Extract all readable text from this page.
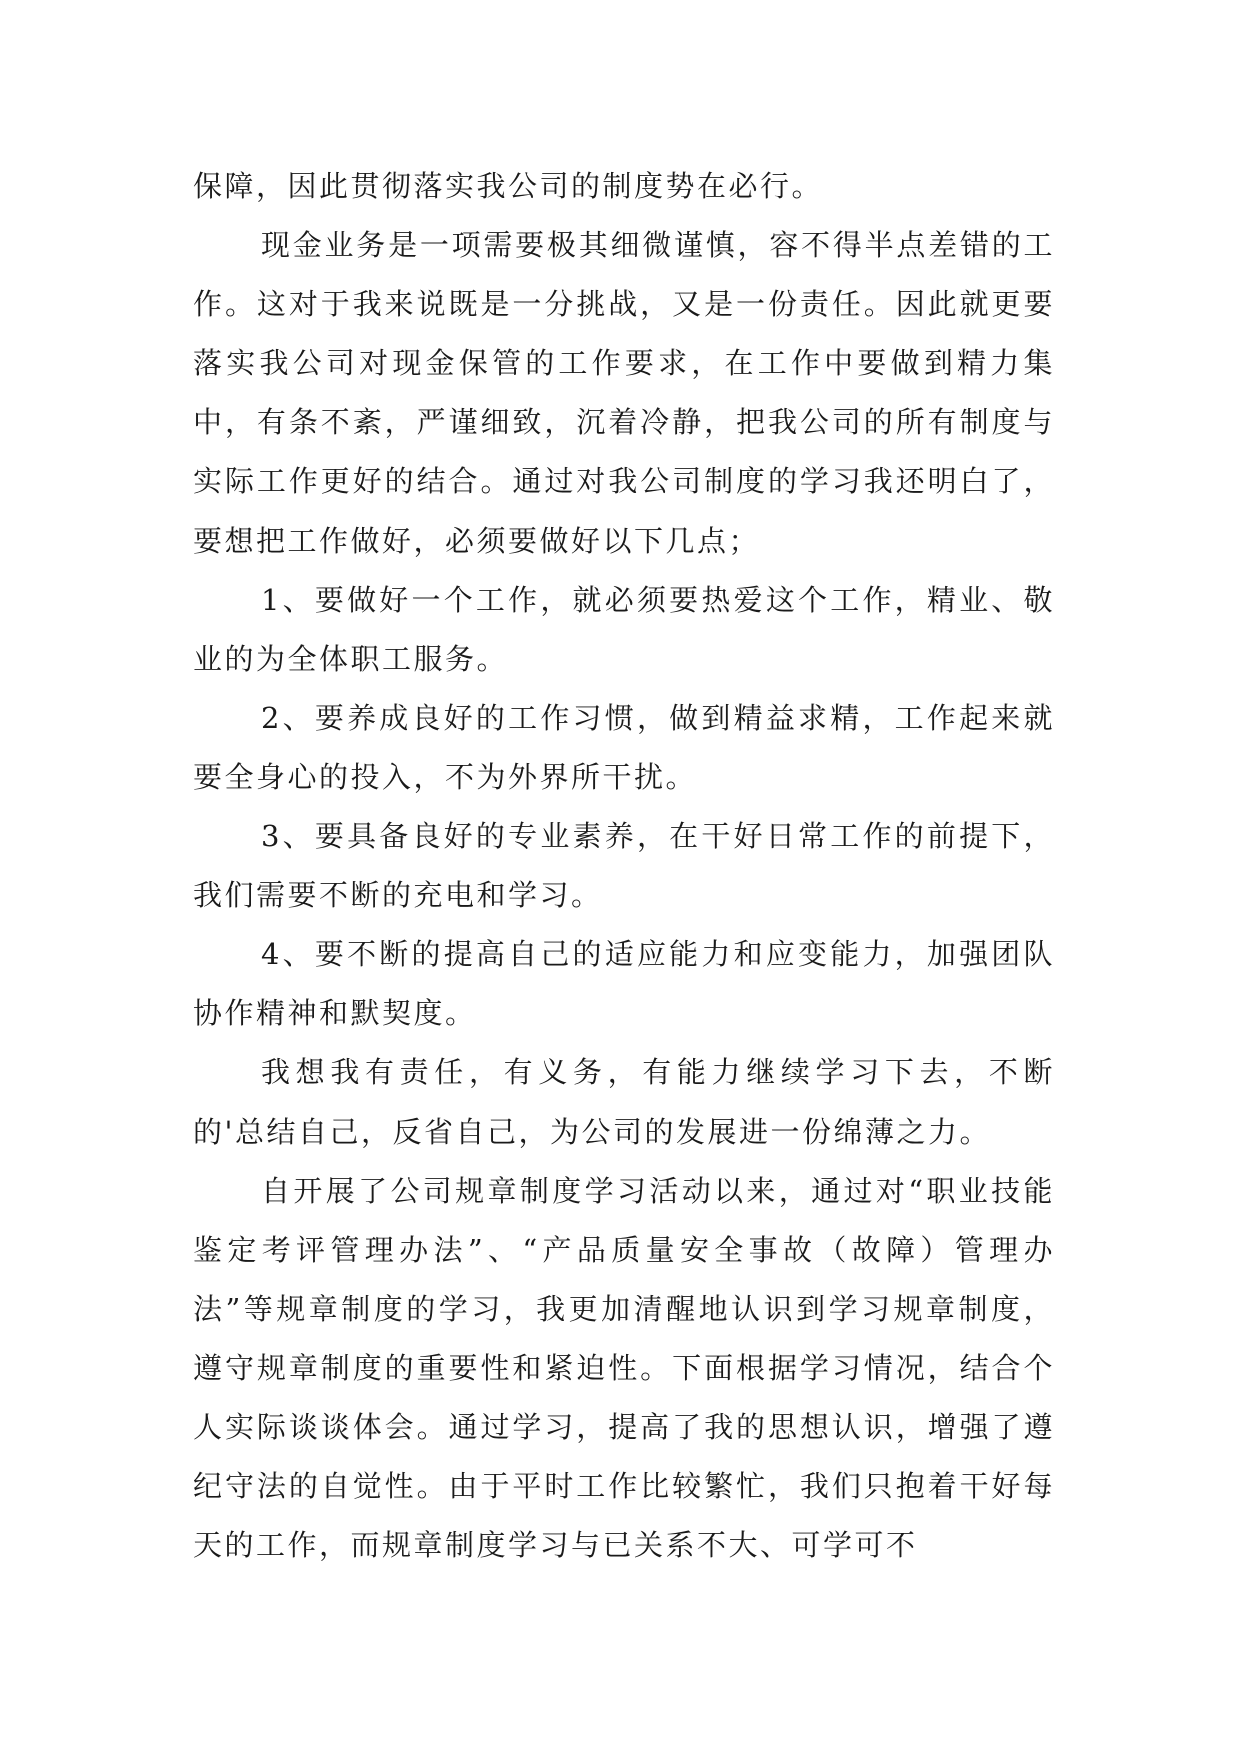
保障，因此贯彻落实我公司的制度势在必行。

现金业务是一项需要极其细微谨慎，容不得半点差错的工作。这对于我来说既是一分挑战，又是一份责任。因此就更要落实我公司对现金保管的工作要求，在工作中要做到精力集中，有条不紊，严谨细致，沉着冷静，把我公司的所有制度与实际工作更好的结合。通过对我公司制度的学习我还明白了，要想把工作做好，必须要做好以下几点；

1、要做好一个工作，就必须要热爱这个工作，精业、敬业的为全体职工服务。

2、要养成良好的工作习惯，做到精益求精，工作起来就要全身心的投入，不为外界所干扰。

3、要具备良好的专业素养，在干好日常工作的前提下，我们需要不断的充电和学习。

4、要不断的提高自己的适应能力和应变能力，加强团队协作精神和默契度。

我想我有责任，有义务，有能力继续学习下去，不断的'总结自己，反省自己，为公司的发展进一份绵薄之力。

自开展了公司规章制度学习活动以来，通过对“职业技能鉴定考评管理办法”、“产品质量安全事故（故障）管理办法”等规章制度的学习，我更加清醒地认识到学习规章制度，遵守规章制度的重要性和紧迫性。下面根据学习情况，结合个人实际谈谈体会。通过学习，提高了我的思想认识，增强了遵纪守法的自觉性。由于平时工作比较繁忙，我们只抱着干好每天的工作，而规章制度学习与已关系不大、可学可不
